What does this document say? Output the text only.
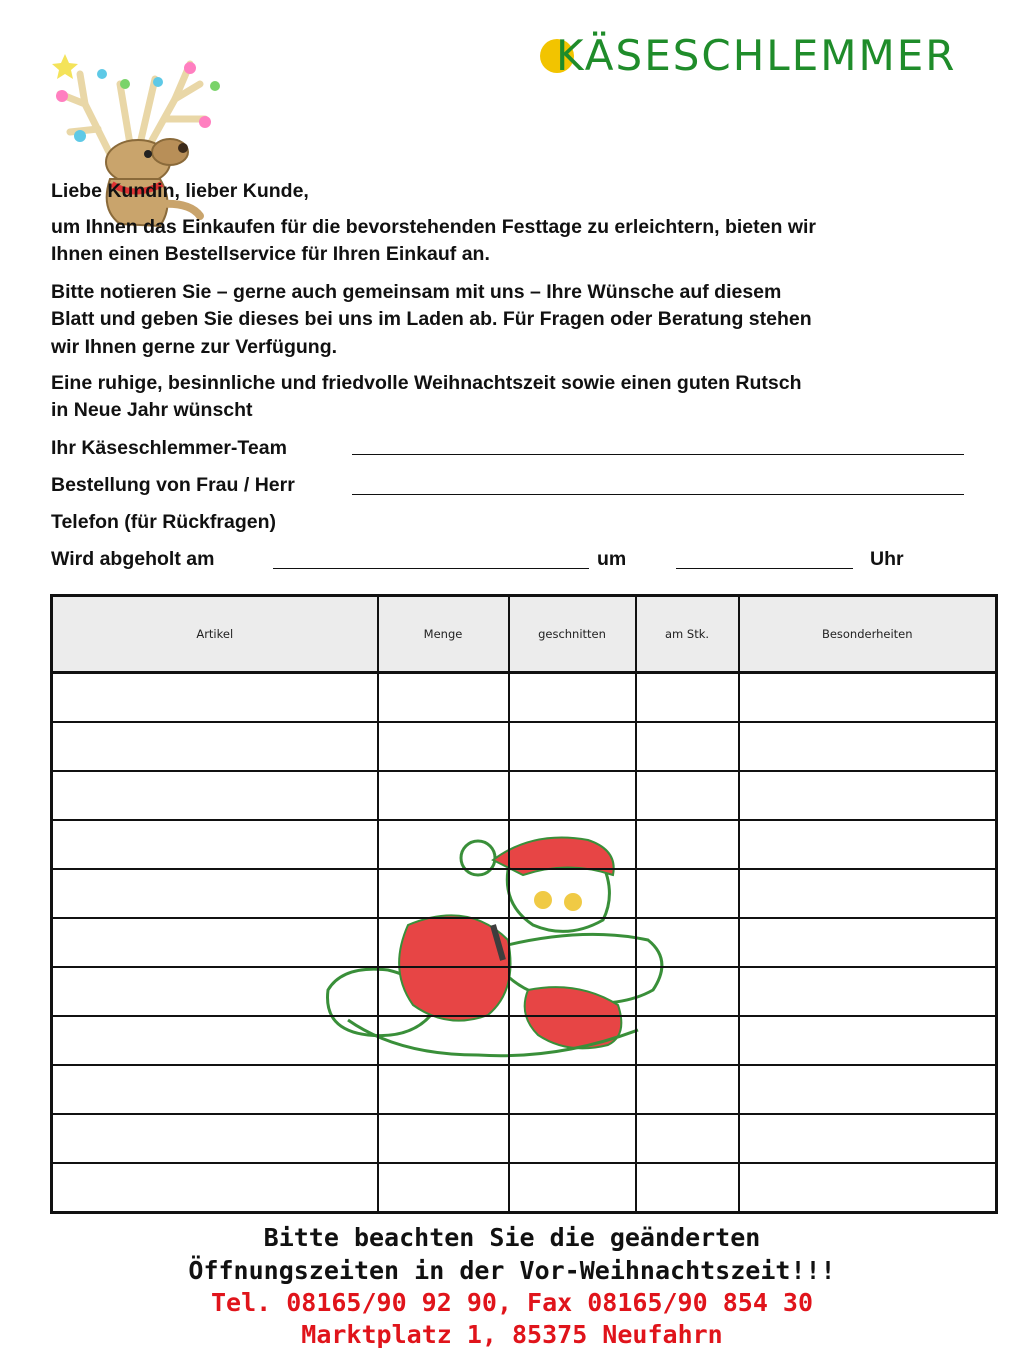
KÄSESCHLEMMER
Liebe Kundin, lieber Kunde,
um Ihnen das Einkaufen für die bevorstehenden Festtage zu erleichtern, bieten wir
Ihnen einen Bestellservice für Ihren Einkauf an.
Bitte notieren Sie – gerne auch gemeinsam mit uns – Ihre Wünsche auf diesem
Blatt und geben Sie dieses bei uns im Laden ab. Für Fragen oder Beratung stehen
wir Ihnen gerne zur Verfügung.
Eine ruhige, besinnliche und friedvolle Weihnachtszeit sowie einen guten Rutsch
in Neue Jahr wünscht
Ihr Käseschlemmer-Team
Bestellung von Frau / Herr
Telefon (für Rückfragen)
Wird abgeholt am	um	Uhr
Artikel	Menge	geschnitten	am Stk.	Besonderheiten

Bitte beachten Sie die geänderten
Öffnungszeiten in der Vor-Weihnachtszeit!!!
Tel. 08165/90 92 90, Fax 08165/90 854 30
Marktplatz 1, 85375 Neufahrn
